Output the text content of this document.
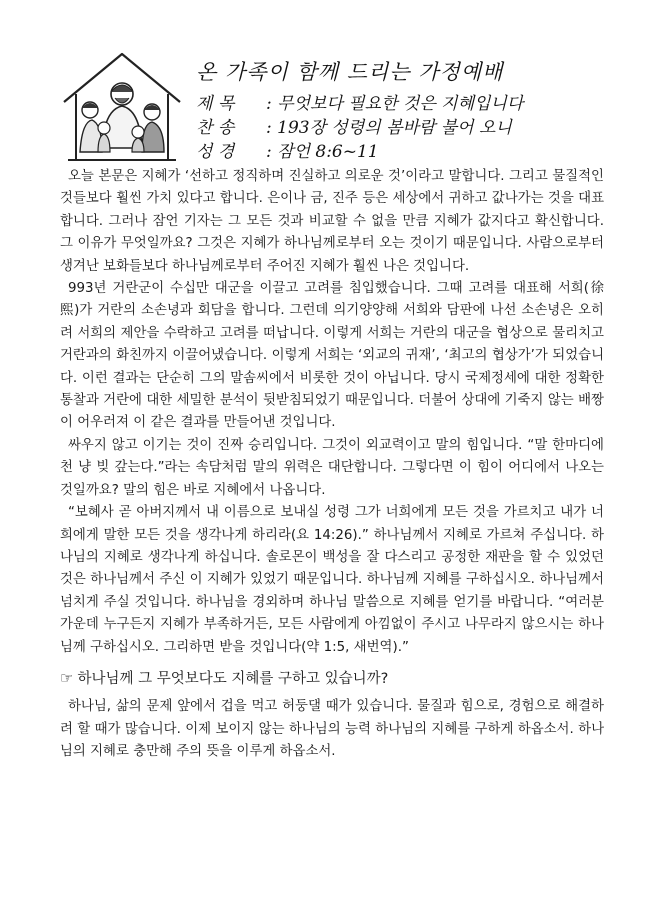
온 가족이 함께 드리는 가정예배
제 목 : 무엇보다 필요한 것은 지혜입니다
찬 송 : 193장 성령의 봄바람 불어 오니
성 경 : 잠언 8:6~11

오늘 본문은 지혜가 ‘선하고 정직하며 진실하고 의로운 것’이라고 말합니다. 그리고 물질적인 것들보다 훨씬 가치 있다고 합니다. 은이나 금, 진주 등은 세상에서 귀하고 값나가는 것을 대표합니다. 그러나 잠언 기자는 그 모든 것과 비교할 수 없을 만큼 지혜가 값지다고 확신합니다. 그 이유가 무엇일까요? 그것은 지혜가 하나님께로부터 오는 것이기 때문입니다. 사람으로부터 생겨난 보화들보다 하나님께로부터 주어진 지혜가 훨씬 나은 것입니다.

993년 거란군이 수십만 대군을 이끌고 고려를 침입했습니다. 그때 고려를 대표해 서희(徐熙)가 거란의 소손녕과 회담을 합니다. 그런데 의기양양해 서희와 담판에 나선 소손녕은 오히려 서희의 제안을 수락하고 고려를 떠납니다. 이렇게 서희는 거란의 대군을 협상으로 물리치고 거란과의 화친까지 이끌어냈습니다. 이렇게 서희는 ‘외교의 귀재’, ‘최고의 협상가’가 되었습니다. 이런 결과는 단순히 그의 말솜씨에서 비롯한 것이 아닙니다. 당시 국제정세에 대한 정확한 통찰과 거란에 대한 세밀한 분석이 뒷받침되었기 때문입니다. 더불어 상대에 기죽지 않는 배짱이 어우러져 이 같은 결과를 만들어낸 것입니다.

싸우지 않고 이기는 것이 진짜 승리입니다. 그것이 외교력이고 말의 힘입니다. “말 한마디에 천 냥 빚 갚는다.”라는 속담처럼 말의 위력은 대단합니다. 그렇다면 이 힘이 어디에서 나오는 것일까요? 말의 힘은 바로 지혜에서 나옵니다.

“보혜사 곧 아버지께서 내 이름으로 보내실 성령 그가 너희에게 모든 것을 가르치고 내가 너희에게 말한 모든 것을 생각나게 하리라(요 14:26).” 하나님께서 지혜로 가르쳐 주십니다. 하나님의 지혜로 생각나게 하십니다. 솔로몬이 백성을 잘 다스리고 공정한 재판을 할 수 있었던 것은 하나님께서 주신 이 지혜가 있었기 때문입니다. 하나님께 지혜를 구하십시오. 하나님께서 넘치게 주실 것입니다. 하나님을 경외하며 하나님 말씀으로 지혜를 얻기를 바랍니다. “여러분 가운데 누구든지 지혜가 부족하거든, 모든 사람에게 아낌없이 주시고 나무라지 않으시는 하나님께 구하십시오. 그리하면 받을 것입니다(약 1:5, 새번역).”

☞ 하나님께 그 무엇보다도 지혜를 구하고 있습니까?

하나님, 삶의 문제 앞에서 겁을 먹고 허둥댈 때가 있습니다. 물질과 힘으로, 경험으로 해결하려 할 때가 많습니다. 이제 보이지 않는 하나님의 능력 하나님의 지혜를 구하게 하옵소서. 하나님의 지혜로 충만해 주의 뜻을 이루게 하옵소서.
